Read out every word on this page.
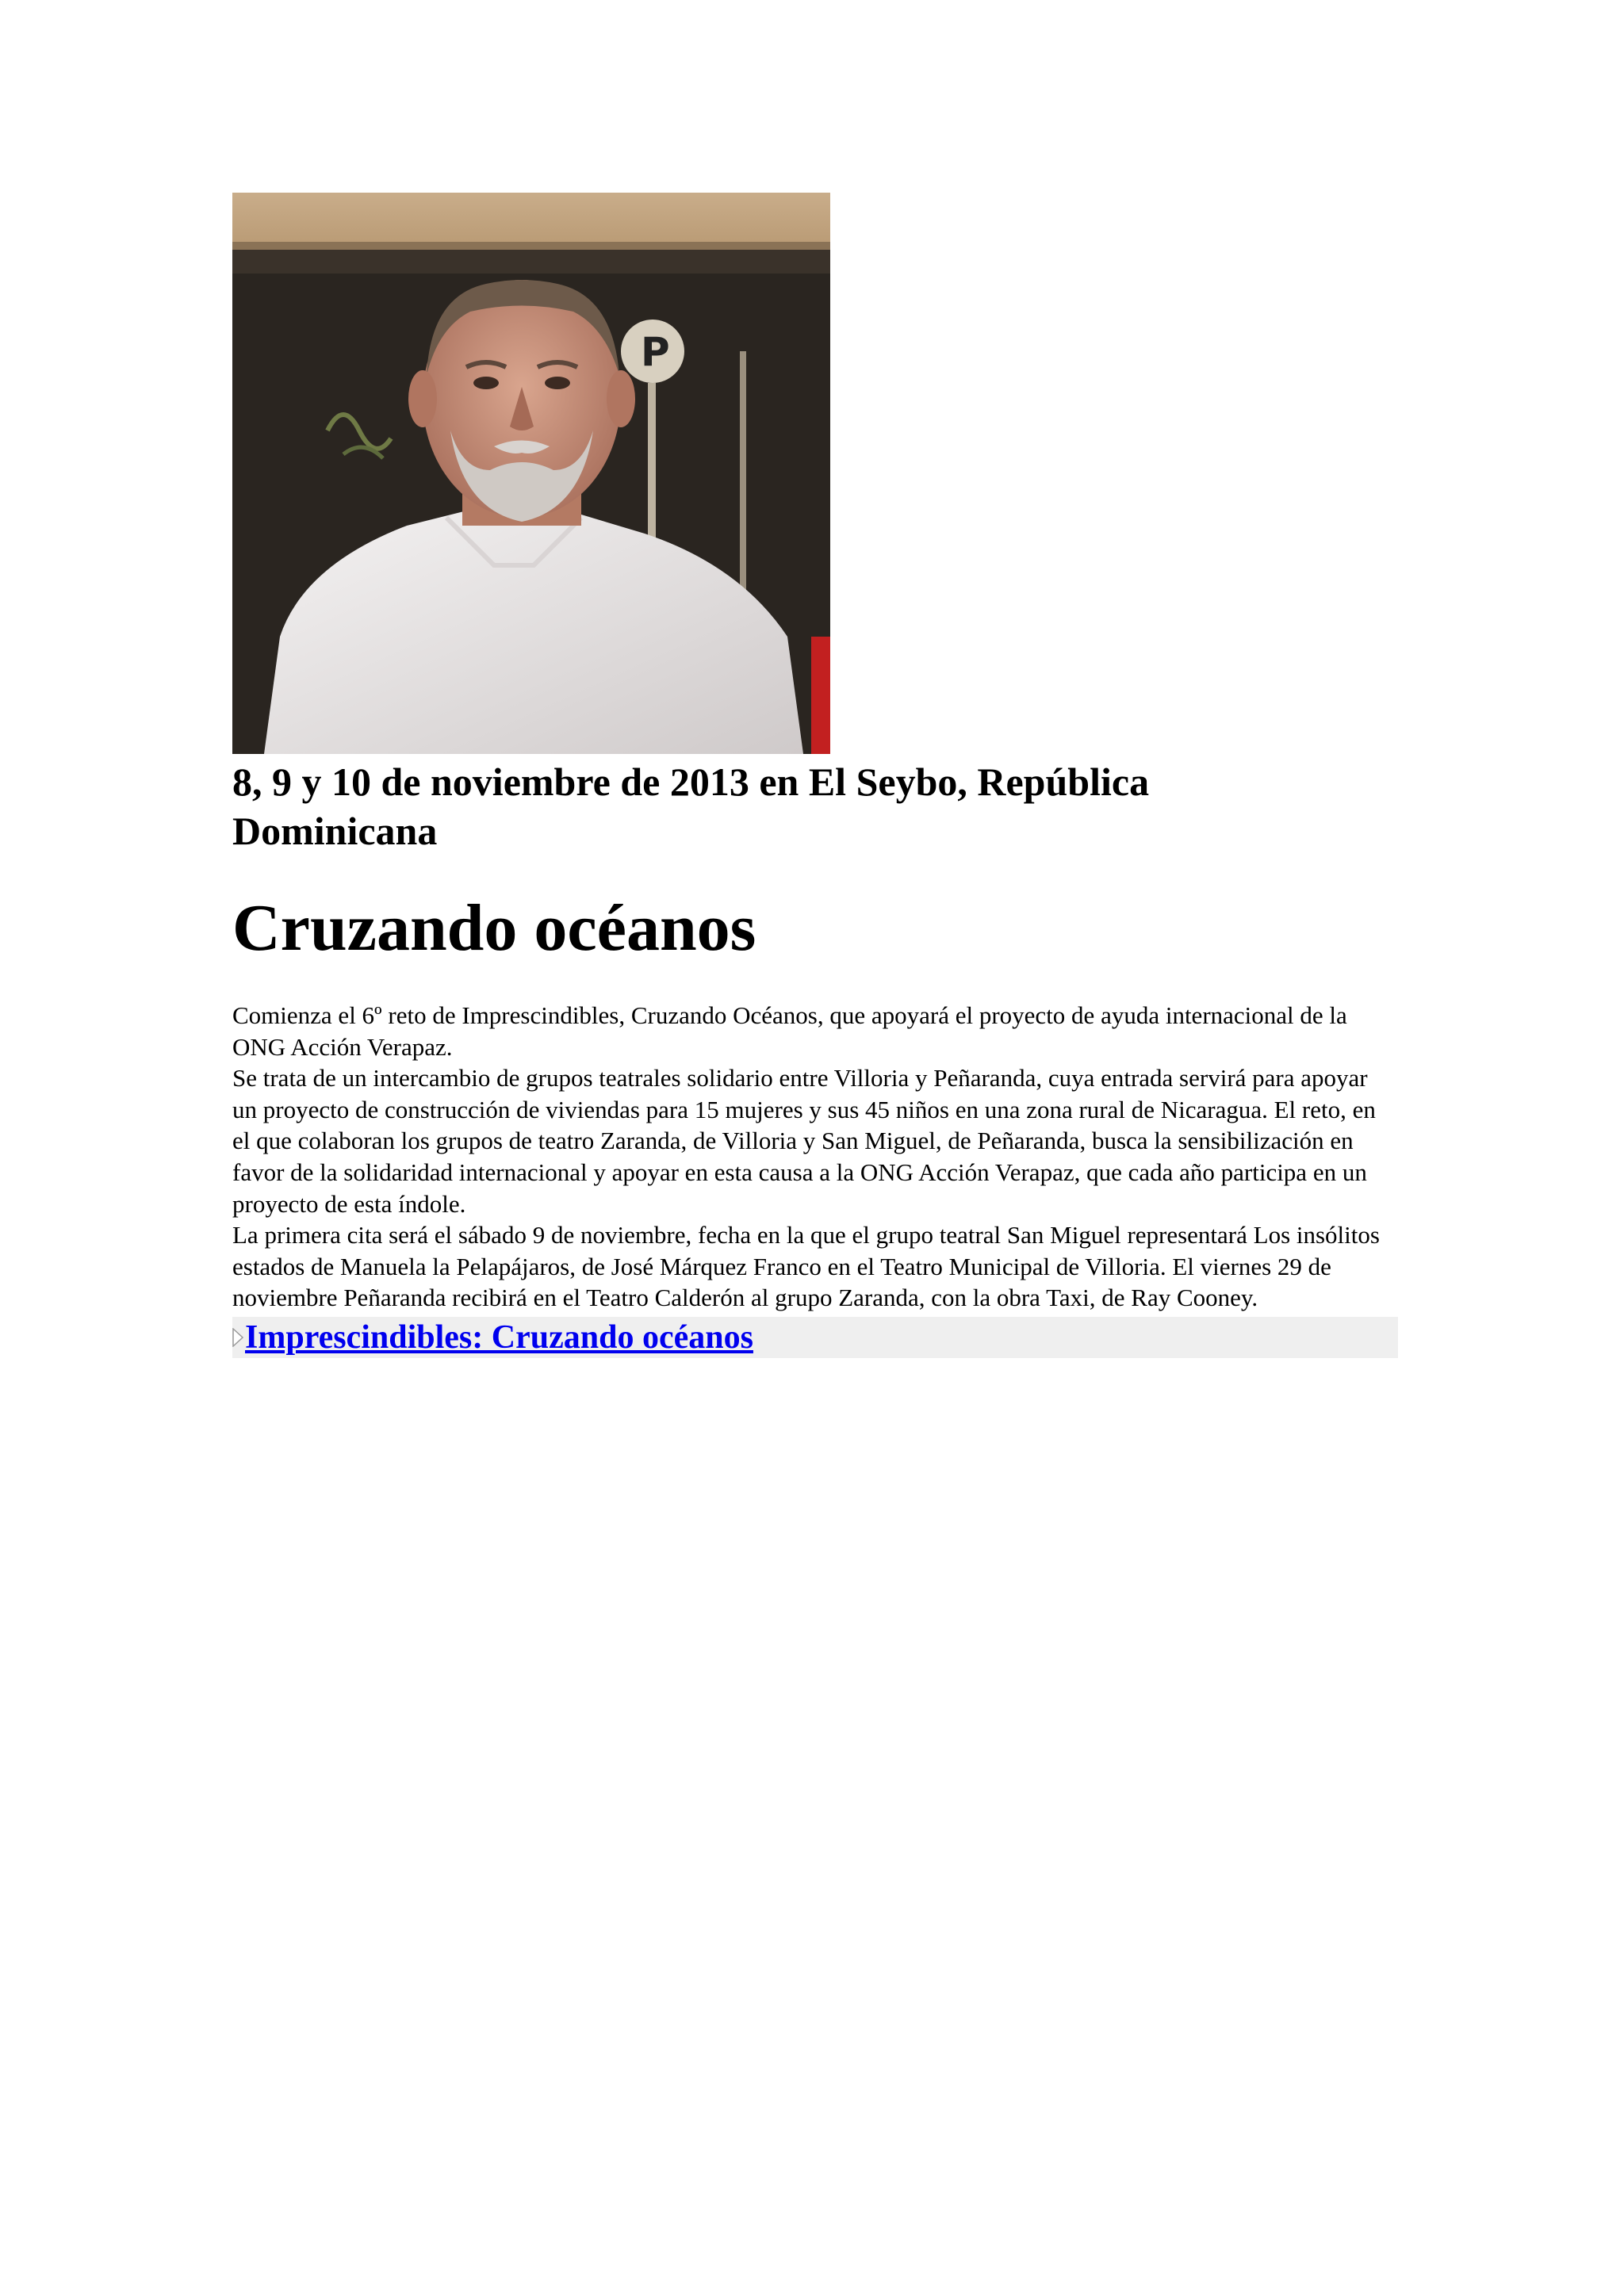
P
8, 9 y 10 de noviembre de 2013 en El Seybo, República Dominicana
Cruzando océanos

Comienza el 6º reto de Imprescindibles, Cruzando Océanos, que apoyará el proyecto de ayuda internacional de la ONG Acción Verapaz.

Se trata de un intercambio de grupos teatrales solidario entre Villoria y Peñaranda, cuya entrada servirá para apoyar un proyecto de construcción de viviendas para 15 mujeres y sus 45 niños en una zona rural de Nicaragua. El reto, en el que colaboran los grupos de teatro Zaranda, de Villoria y San Miguel, de Peñaranda, busca la sensibilización en favor de la solidaridad internacional y apoyar en esta causa a la ONG Acción Verapaz, que cada año participa en un proyecto de esta índole.

La primera cita será el sábado 9 de noviembre, fecha en la que el grupo teatral San Miguel representará Los insólitos estados de Manuela la Pelapájaros, de José Márquez Franco en el Teatro Municipal de Villoria. El viernes 29 de noviembre Peñaranda recibirá en el Teatro Calderón al grupo Zaranda, con la obra Taxi, de Ray Cooney.

Imprescindibles: Cruzando océanos
